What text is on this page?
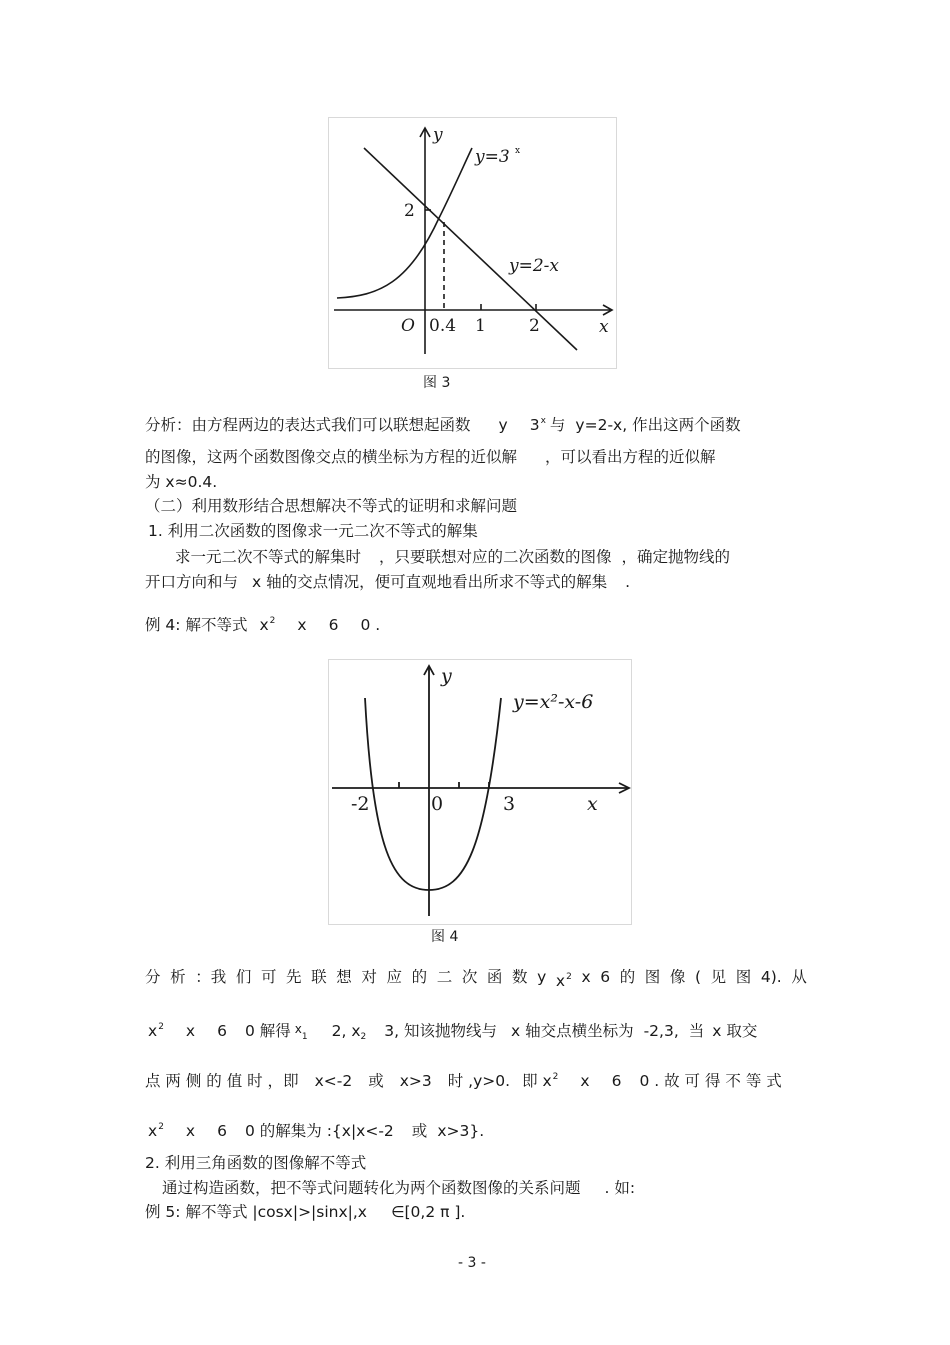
y
x
O
y=3 x
y=2-x
2
0.4 1	2
图 3
分析：由方程两边的表达式我们可以联想起函数 y 3$^x$ 与 y=2-x, 作出这两个函数
的图像，这两个函数图像交点的横坐标为方程的近似解 ，可以看出方程的近似解
为 x≈0.4.
（二）利用数形结合思想解决不等式的证明和求解问题
1. 利用二次函数的图像求一元二次不等式的解集
求一元二次不等式的解集时 ，只要联想对应的二次函数的图像 ，确定抛物线的
开口方向和与 x 轴的交点情况，便可直观地看出所求不等式的解集 .
例 4: 解不等式 $x^2$ x 6 0 .
y
x
y=x²-x-6
-2	0	3
图 4
分 析 ：我 们 可 先 联 想 对 应 的 二 次 函 数 y $x^2$ x 6 的 图 像 ( 见 图 4). 从
$x^2$ x 6 0 解得 $x_1$ 2, $x_2$ 3, 知该抛物线与 x 轴交点横坐标为 -2,3, 当 x 取交
点 两 侧 的 值 时 ，即 x<-2 或 x>3 时 ,y>0. 即 $x^2$ x 6 0 . 故 可 得 不 等 式
$x^2$ x 6 0 的解集为 :{x|x<-2 或 x>3}.
2. 利用三角函数的图像解不等式
通过构造函数，把不等式问题转化为两个函数图像的关系问题 . 如:
例 5: 解不等式 |cosx|>|sinx|,x ∈[0,2 π ].
- 3 -
